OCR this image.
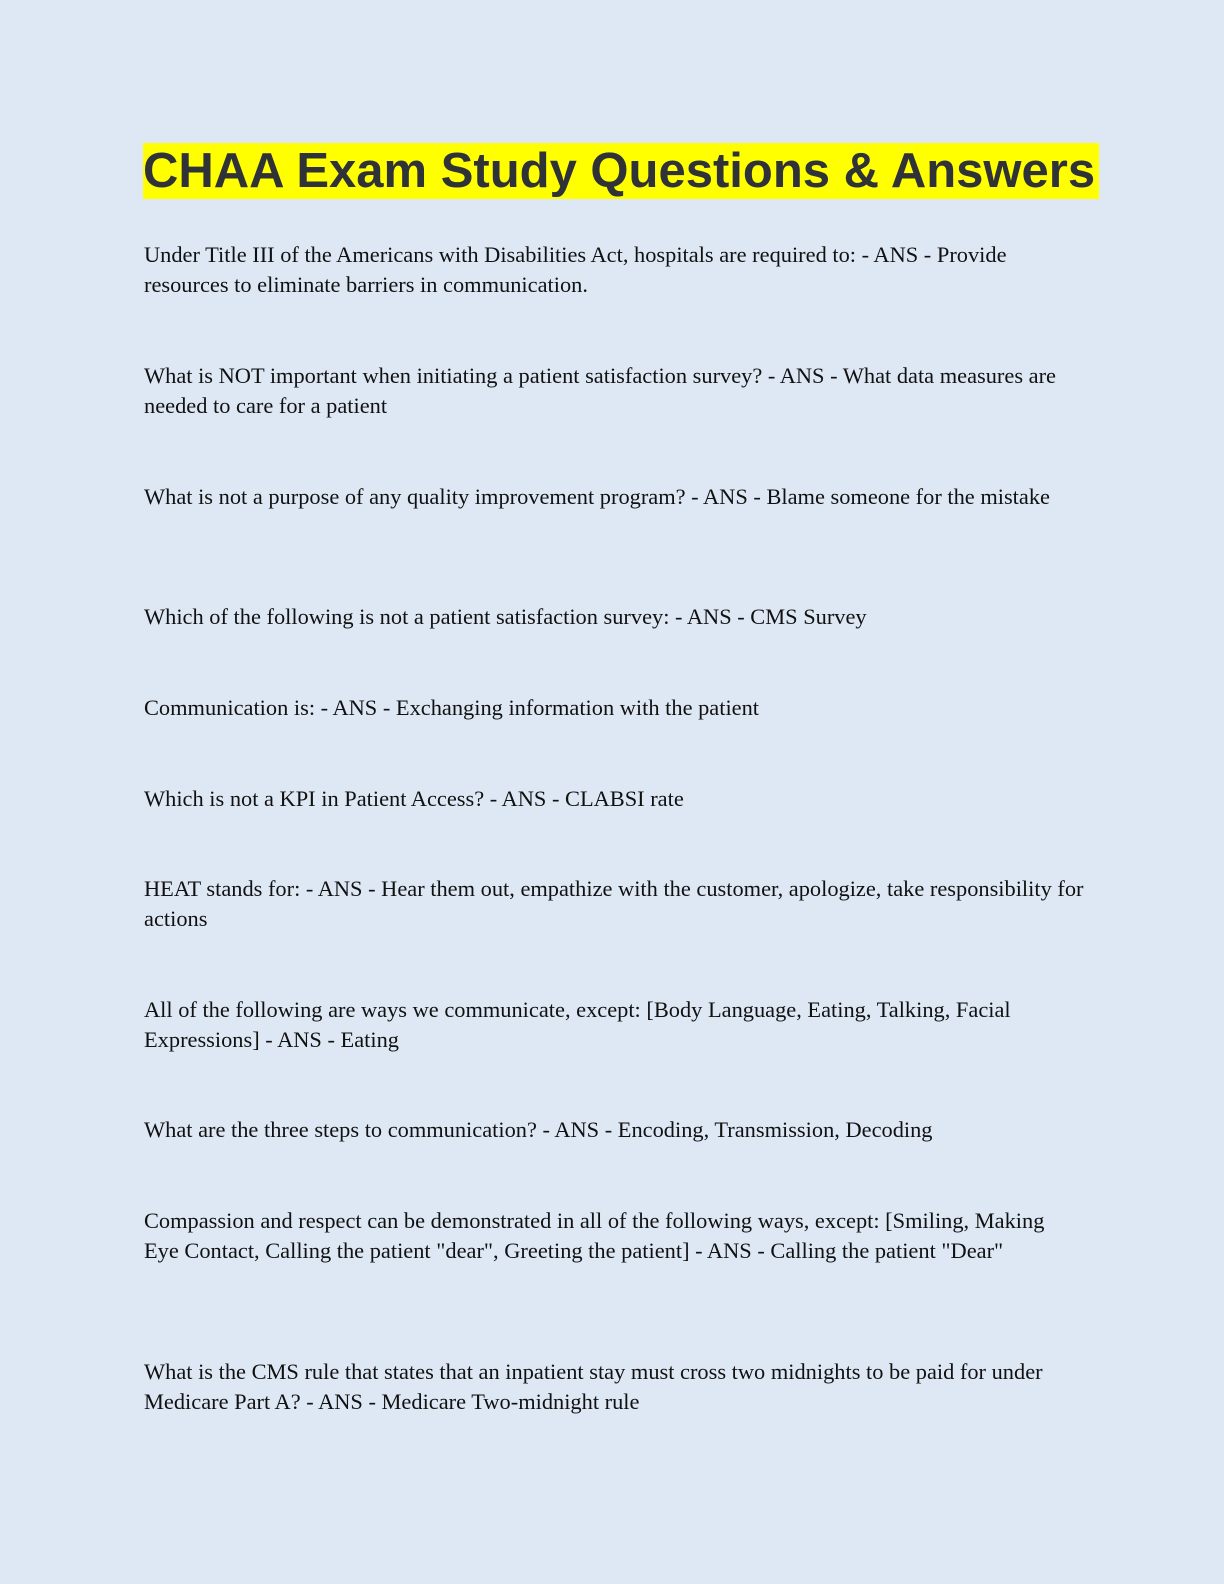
CHAA Exam Study Questions & Answers

Under Title III of the Americans with Disabilities Act, hospitals are required to: - ANS - Provide resources to eliminate barriers in communication.

What is NOT important when initiating a patient satisfaction survey? - ANS - What data measures are needed to care for a patient

What is not a purpose of any quality improvement program? - ANS - Blame someone for the mistake

Which of the following is not a patient satisfaction survey: - ANS - CMS Survey

Communication is: - ANS - Exchanging information with the patient

Which is not a KPI in Patient Access? - ANS - CLABSI rate

HEAT stands for: - ANS - Hear them out, empathize with the customer, apologize, take responsibility for actions

All of the following are ways we communicate, except: [Body Language, Eating, Talking, Facial Expressions] - ANS - Eating

What are the three steps to communication? - ANS - Encoding, Transmission, Decoding

Compassion and respect can be demonstrated in all of the following ways, except: [Smiling, Making Eye Contact, Calling the patient "dear", Greeting the patient] - ANS - Calling the patient "Dear"

What is the CMS rule that states that an inpatient stay must cross two midnights to be paid for under Medicare Part A? - ANS - Medicare Two-midnight rule
